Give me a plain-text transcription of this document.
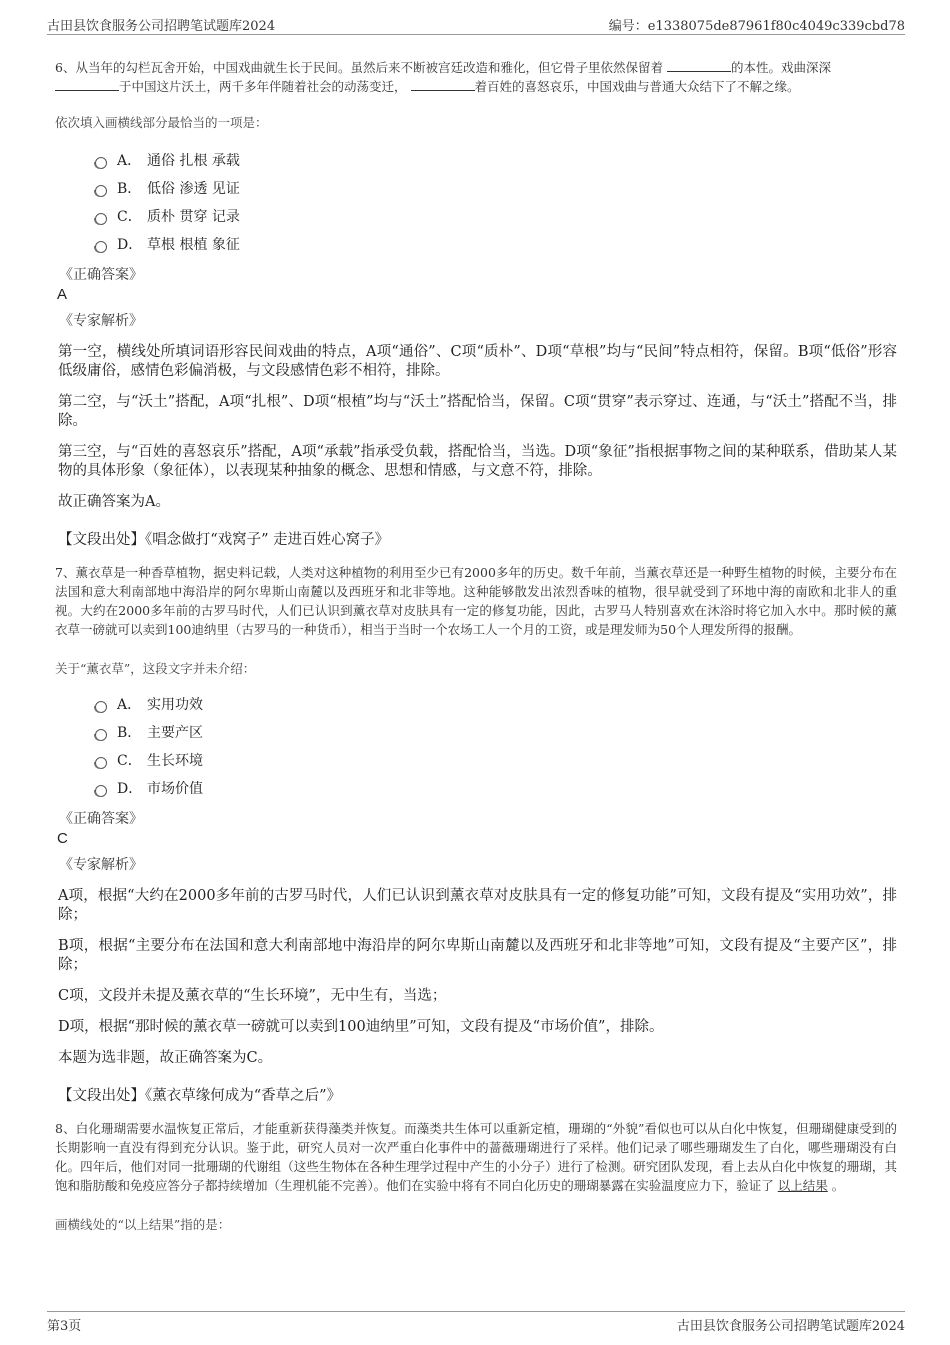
古田县饮食服务公司招聘笔试题库2024	编号：e1338075de87961f80c4049c339cbd78

6、从当年的勾栏瓦舍开始，中国戏曲就生长于民间。虽然后来不断被宫廷改造和雅化，但它骨子里依然保留着	的本性。戏曲深深
于中国这片沃土，两千多年伴随着社会的动荡变迁，	着百姓的喜怒哀乐，中国戏曲与普通大众结下了不解之缘。

依次填入画横线部分最恰当的一项是：

A． 通俗 扎根 承载
B． 低俗 渗透 见证
C． 质朴 贯穿 记录
D． 草根 根植 象征
《正确答案》
A
《专家解析》

第一空，横线处所填词语形容民间戏曲的特点，A项“通俗”、C项“质朴”、D项“草根”均与“民间”特点相符，保留。B项“低俗”形容低级庸俗，感情色彩偏消极，与文段感情色彩不相符，排除。

第二空，与“沃土”搭配，A项“扎根”、D项“根植”均与“沃土”搭配恰当，保留。C项“贯穿”表示穿过、连通，与“沃土”搭配不当，排除。

第三空，与“百姓的喜怒哀乐”搭配，A项“承载”指承受负载，搭配恰当，当选。D项“象征”指根据事物之间的某种联系，借助某人某物的具体形象（象征体），以表现某种抽象的概念、思想和情感，与文意不符，排除。

故正确答案为A。

【文段出处】《唱念做打“戏窝子” 走进百姓心窝子》

7、薰衣草是一种香草植物，据史料记载，人类对这种植物的利用至少已有2000多年的历史。数千年前，当薰衣草还是一种野生植物的时候，主要分布在法国和意大利南部地中海沿岸的阿尔卑斯山南麓以及西班牙和北非等地。这种能够散发出浓烈香味的植物，很早就受到了环地中海的南欧和北非人的重视。大约在2000多年前的古罗马时代，人们已认识到薰衣草对皮肤具有一定的修复功能，因此，古罗马人特别喜欢在沐浴时将它加入水中。那时候的薰衣草一磅就可以卖到100迪纳里（古罗马的一种货币），相当于当时一个农场工人一个月的工资，或是理发师为50个人理发所得的报酬。

关于“薰衣草”，这段文字并未介绍：

A． 实用功效
B． 主要产区
C． 生长环境
D． 市场价值
《正确答案》
C
《专家解析》

A项，根据“大约在2000多年前的古罗马时代，人们已认识到薰衣草对皮肤具有一定的修复功能”可知，文段有提及“实用功效”，排除；

B项，根据“主要分布在法国和意大利南部地中海沿岸的阿尔卑斯山南麓以及西班牙和北非等地”可知，文段有提及“主要产区”，排除；

C项，文段并未提及薰衣草的“生长环境”，无中生有，当选；

D项，根据“那时候的薰衣草一磅就可以卖到100迪纳里”可知，文段有提及“市场价值”，排除。

本题为选非题，故正确答案为C。

【文段出处】《薰衣草缘何成为“香草之后”》

8、白化珊瑚需要水温恢复正常后，才能重新获得藻类并恢复。而藻类共生体可以重新定植，珊瑚的“外貌”看似也可以从白化中恢复，但珊瑚健康受到的长期影响一直没有得到充分认识。鉴于此，研究人员对一次严重白化事件中的蔷薇珊瑚进行了采样。他们记录了哪些珊瑚发生了白化，哪些珊瑚没有白化。四年后，他们对同一批珊瑚的代谢组（这些生物体在各种生理学过程中产生的小分子）进行了检测。研究团队发现，看上去从白化中恢复的珊瑚，其饱和脂肪酸和免疫应答分子都持续增加（生理机能不完善）。他们在实验中将有不同白化历史的珊瑚暴露在实验温度应力下，验证了 以上结果 。

画横线处的“以上结果”指的是：

第3页	古田县饮食服务公司招聘笔试题库2024
